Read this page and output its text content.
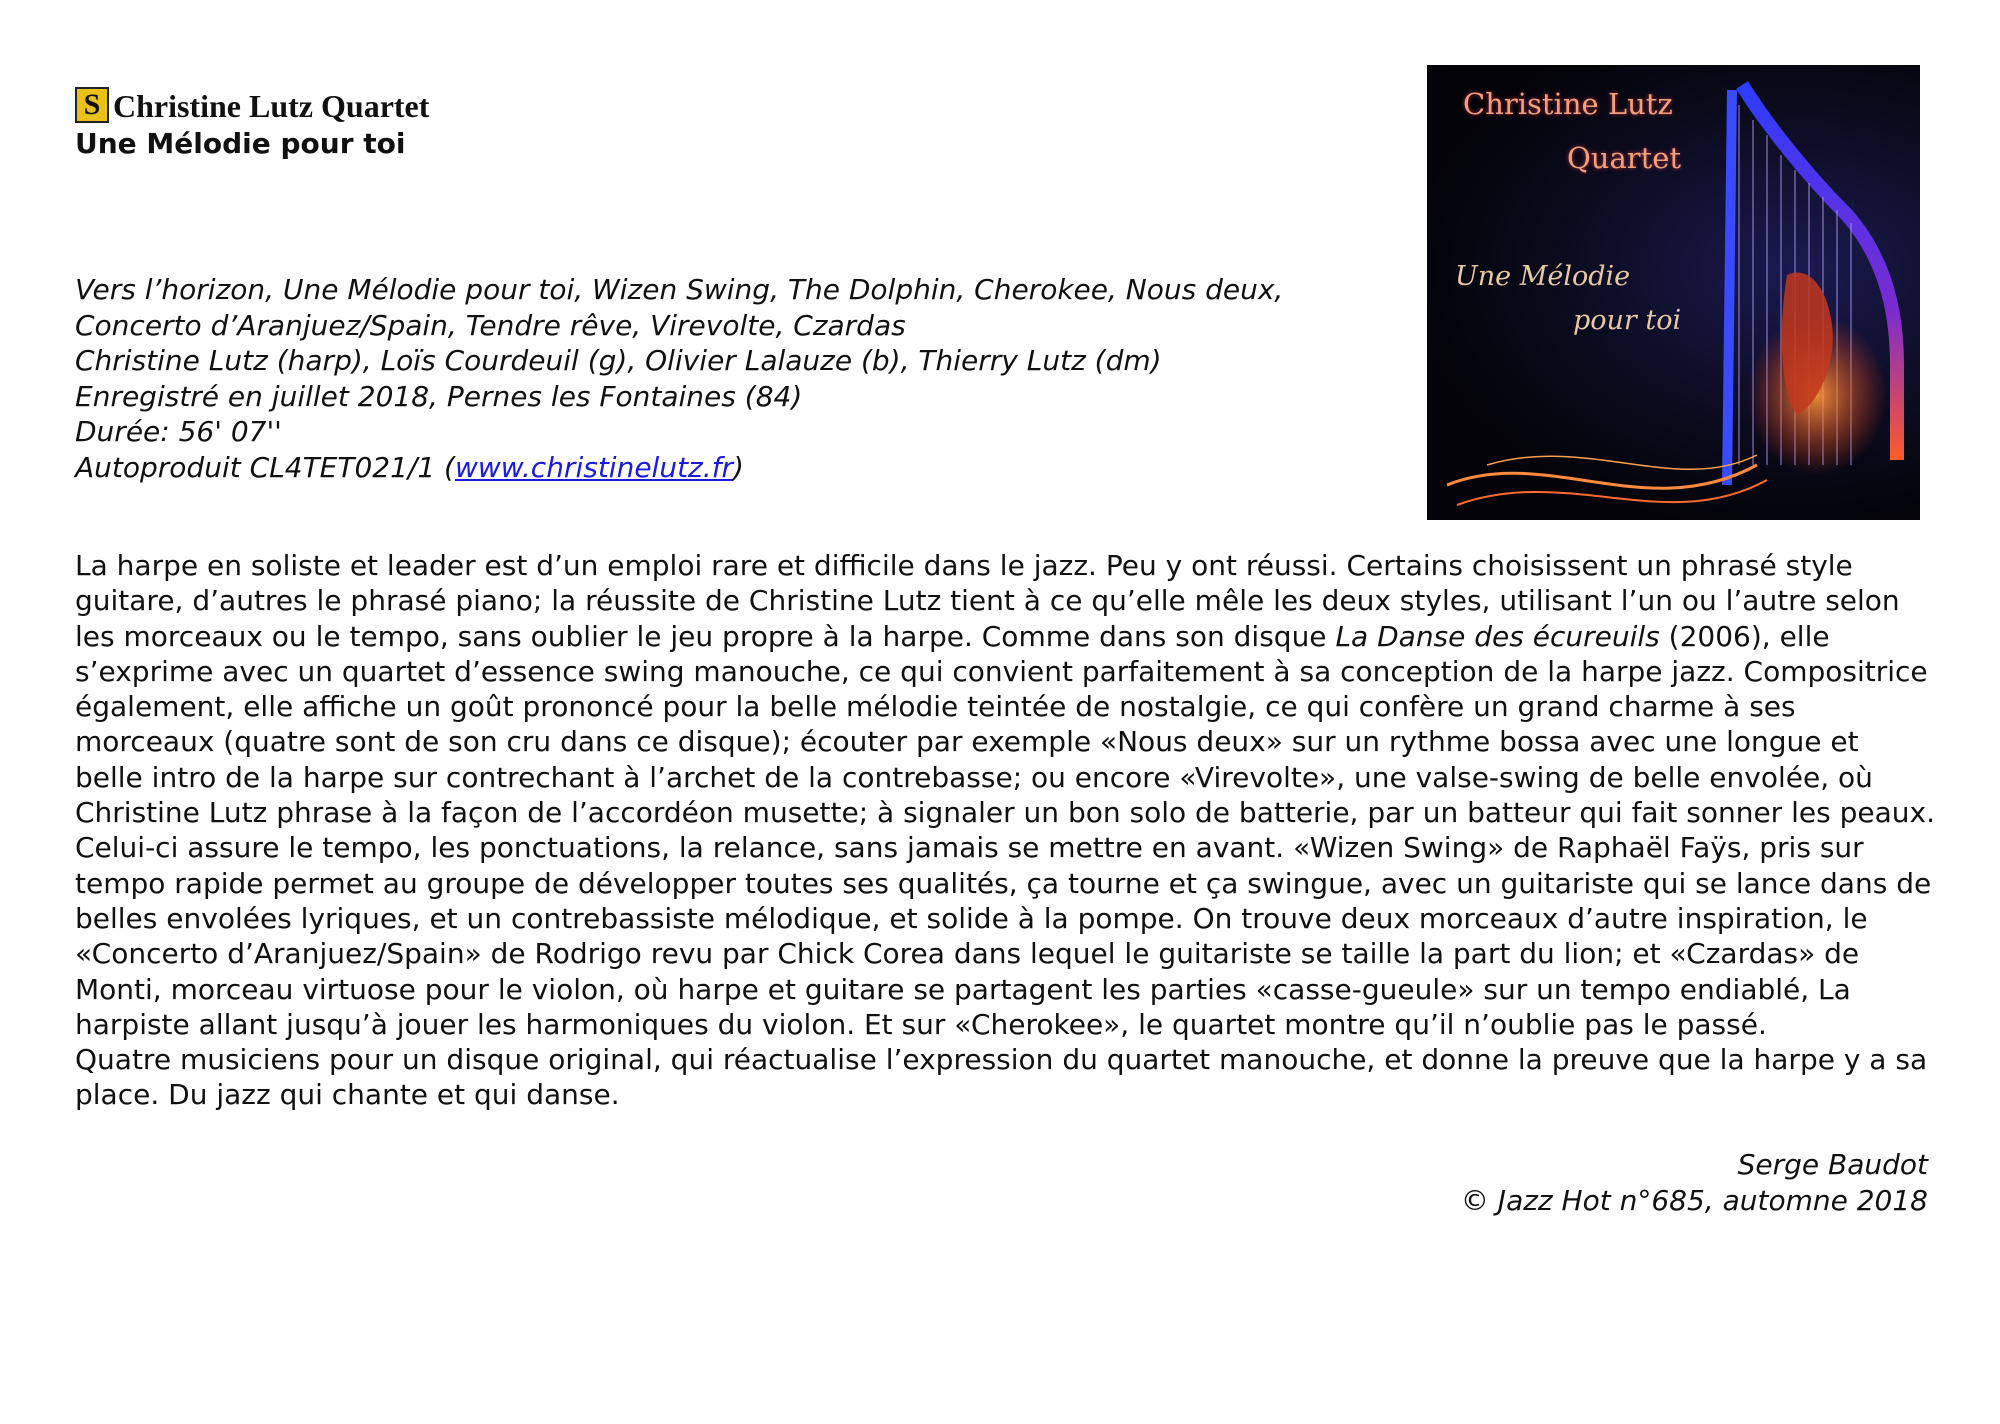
S Christine Lutz Quartet
Une Mélodie pour toi
Vers l’horizon, Une Mélodie pour toi, Wizen Swing, The Dolphin, Cherokee, Nous deux,
Concerto d’Aranjuez/Spain, Tendre rêve, Virevolte, Czardas
Christine Lutz (harp), Loïs Courdeuil (g), Olivier Lalauze (b), Thierry Lutz (dm)
Enregistré en juillet 2018, Pernes les Fontaines (84)
Durée: 56' 07''
Autoproduit CL4TET021/1 (www.christinelutz.fr)
Christine Lutz
Quartet
Une Mélodie
pour toi

La harpe en soliste et leader est d’un emploi rare et difficile dans le jazz. Peu y ont réussi. Certains choisissent un phrasé style guitare, d’autres le phrasé piano; la réussite de Christine Lutz tient à ce qu’elle mêle les deux styles, utilisant l’un ou l’autre selon les morceaux ou le tempo, sans oublier le jeu propre à la harpe. Comme dans son disque La Danse des écureuils (2006), elle s’exprime avec un quartet d’essence swing manouche, ce qui convient parfaitement à sa conception de la harpe jazz. Compositrice également, elle affiche un goût prononcé pour la belle mélodie teintée de nostalgie, ce qui confère un grand charme à ses morceaux (quatre sont de son cru dans ce disque); écouter par exemple «Nous deux» sur un rythme bossa avec une longue et belle intro de la harpe sur contrechant à l’archet de la contrebasse; ou encore «Virevolte», une valse-swing de belle envolée, où Christine Lutz phrase à la façon de l’accordéon musette; à signaler un bon solo de batterie, par un batteur qui fait sonner les peaux. Celui-ci assure le tempo, les ponctuations, la relance, sans jamais se mettre en avant. «Wizen Swing» de Raphaël Faÿs, pris sur tempo rapide permet au groupe de développer toutes ses qualités, ça tourne et ça swingue, avec un guitariste qui se lance dans de belles envolées lyriques, et un contrebassiste mélodique, et solide à la pompe. On trouve deux morceaux d’autre inspiration, le «Concerto d’Aranjuez/Spain» de Rodrigo revu par Chick Corea dans lequel le guitariste se taille la part du lion; et «Czardas» de Monti, morceau virtuose pour le violon, où harpe et guitare se partagent les parties «casse-gueule» sur un tempo endiablé, La harpiste allant jusqu’à jouer les harmoniques du violon. Et sur «Cherokee», le quartet montre qu’il n’oublie pas le passé.

Quatre musiciens pour un disque original, qui réactualise l’expression du quartet manouche, et donne la preuve que la harpe y a sa place. Du jazz qui chante et qui danse.

Serge Baudot
© Jazz Hot n°685, automne 2018
